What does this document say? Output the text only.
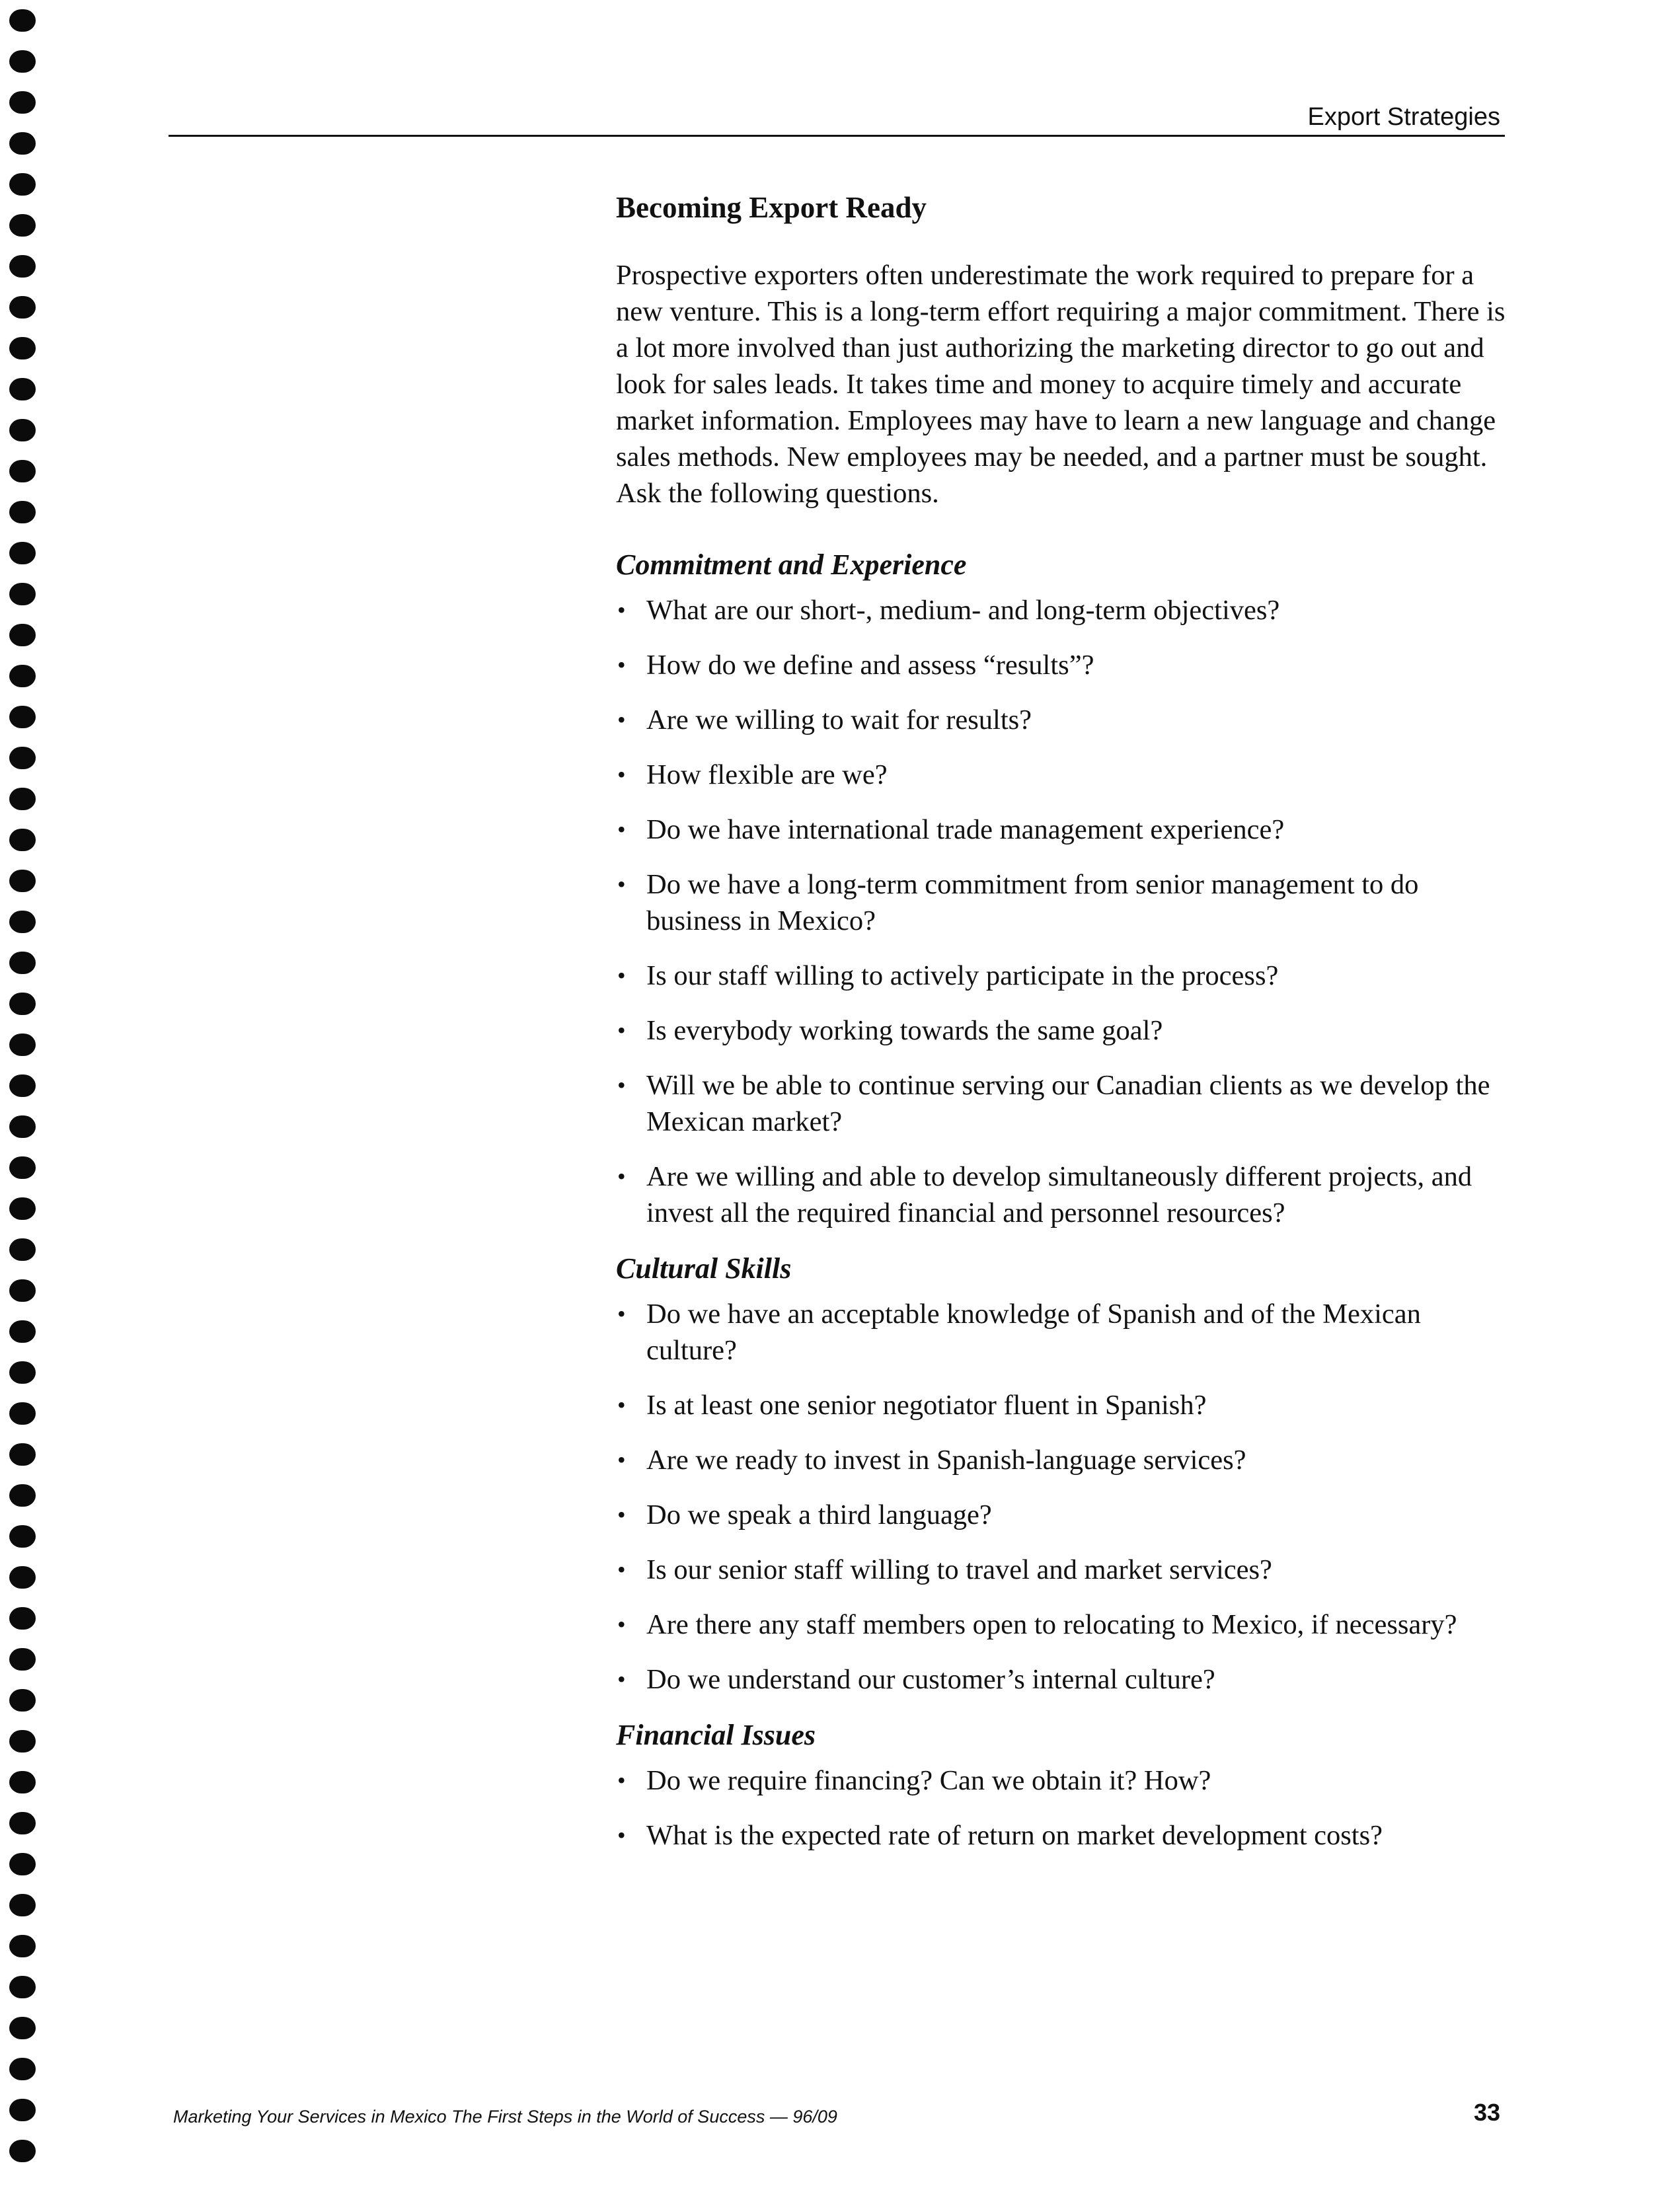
Export Strategies
Becoming Export Ready

Prospective exporters often underestimate the work required to prepare for a new venture. This is a long-term effort requiring a major commitment. There is a lot more involved than just authorizing the marketing director to go out and look for sales leads. It takes time and money to acquire timely and accurate market information. Employees may have to learn a new language and change sales methods. New employees may be needed, and a partner must be sought. Ask the following questions.

Commitment and Experience
• What are our short-, medium- and long-term objectives?
• How do we define and assess “results”?
• Are we willing to wait for results?
• How flexible are we?
• Do we have international trade management experience?
• Do we have a long-term commitment from senior management to do business in Mexico?
• Is our staff willing to actively participate in the process?
• Is everybody working towards the same goal?
• Will we be able to continue serving our Canadian clients as we develop the Mexican market?
• Are we willing and able to develop simultaneously different projects, and invest all the required financial and personnel resources?
Cultural Skills
• Do we have an acceptable knowledge of Spanish and of the Mexican culture?
• Is at least one senior negotiator fluent in Spanish?
• Are we ready to invest in Spanish-language services?
• Do we speak a third language?
• Is our senior staff willing to travel and market services?
• Are there any staff members open to relocating to Mexico, if necessary?
• Do we understand our customer’s internal culture?
Financial Issues
• Do we require financing? Can we obtain it? How?
• What is the expected rate of return on market development costs?
Marketing Your Services in Mexico The First Steps in the World of Success — 96/09	33
